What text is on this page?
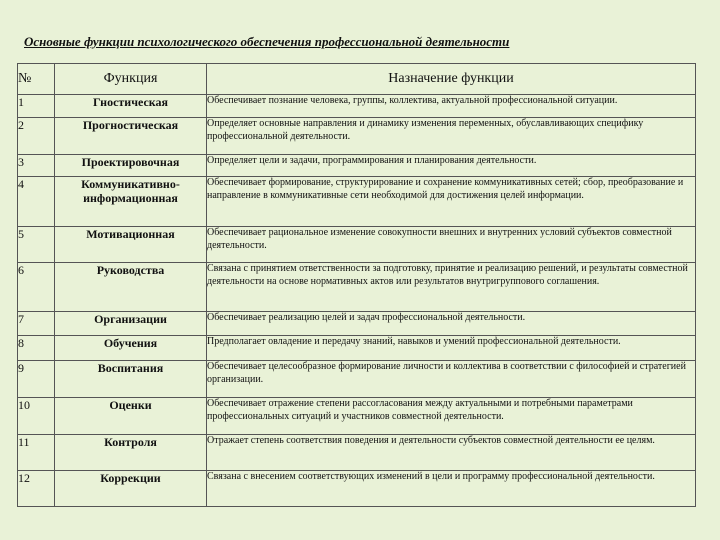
Основные функции психологического обеспечения профессиональной деятельности
№	Функция	Назначение функции
1	Гностическая	Обеспечивает познание человека, группы, коллектива, актуальной профессиональной ситуации.
2	Прогностическая	Определяет основные направления и динамику изменения переменных, обуславливающих специфику профессиональной деятельности.
3	Проектировочная	Определяет цели и задачи, программирования и планирования деятельности.
4	Коммуникативно-информационная	Обеспечивает формирование, структурирование и сохранение коммуникативных сетей; сбор, преобразование и направление в коммуникативные сети необходимой для достижения целей информации.
5	Мотивационная	Обеспечивает рациональное изменение совокупности внешних и внутренних условий субъектов совместной деятельности.
6	Руководства	Связана с принятием ответственности за подготовку, принятие и реализацию решений, и результаты совместной деятельности на основе нормативных актов или результатов внутригруппового соглашения.
7	Организации	Обеспечивает реализацию целей и задач профессиональной деятельности.
8	Обучения	Предполагает овладение и передачу знаний, навыков и умений профессиональной деятельности.
9	Воспитания	Обеспечивает целесообразное формирование личности и коллектива в соответствии с философией и стратегией организации.
10	Оценки	Обеспечивает отражение степени рассогласования между актуальными и потребными параметрами профессиональных ситуаций и участников совместной деятельности.
11	Контроля	Отражает степень соответствия поведения и деятельности субъектов совместной деятельности ее целям.
12	Коррекции	Связана с внесением соответствующих изменений в цели и программу профессиональной деятельности.
